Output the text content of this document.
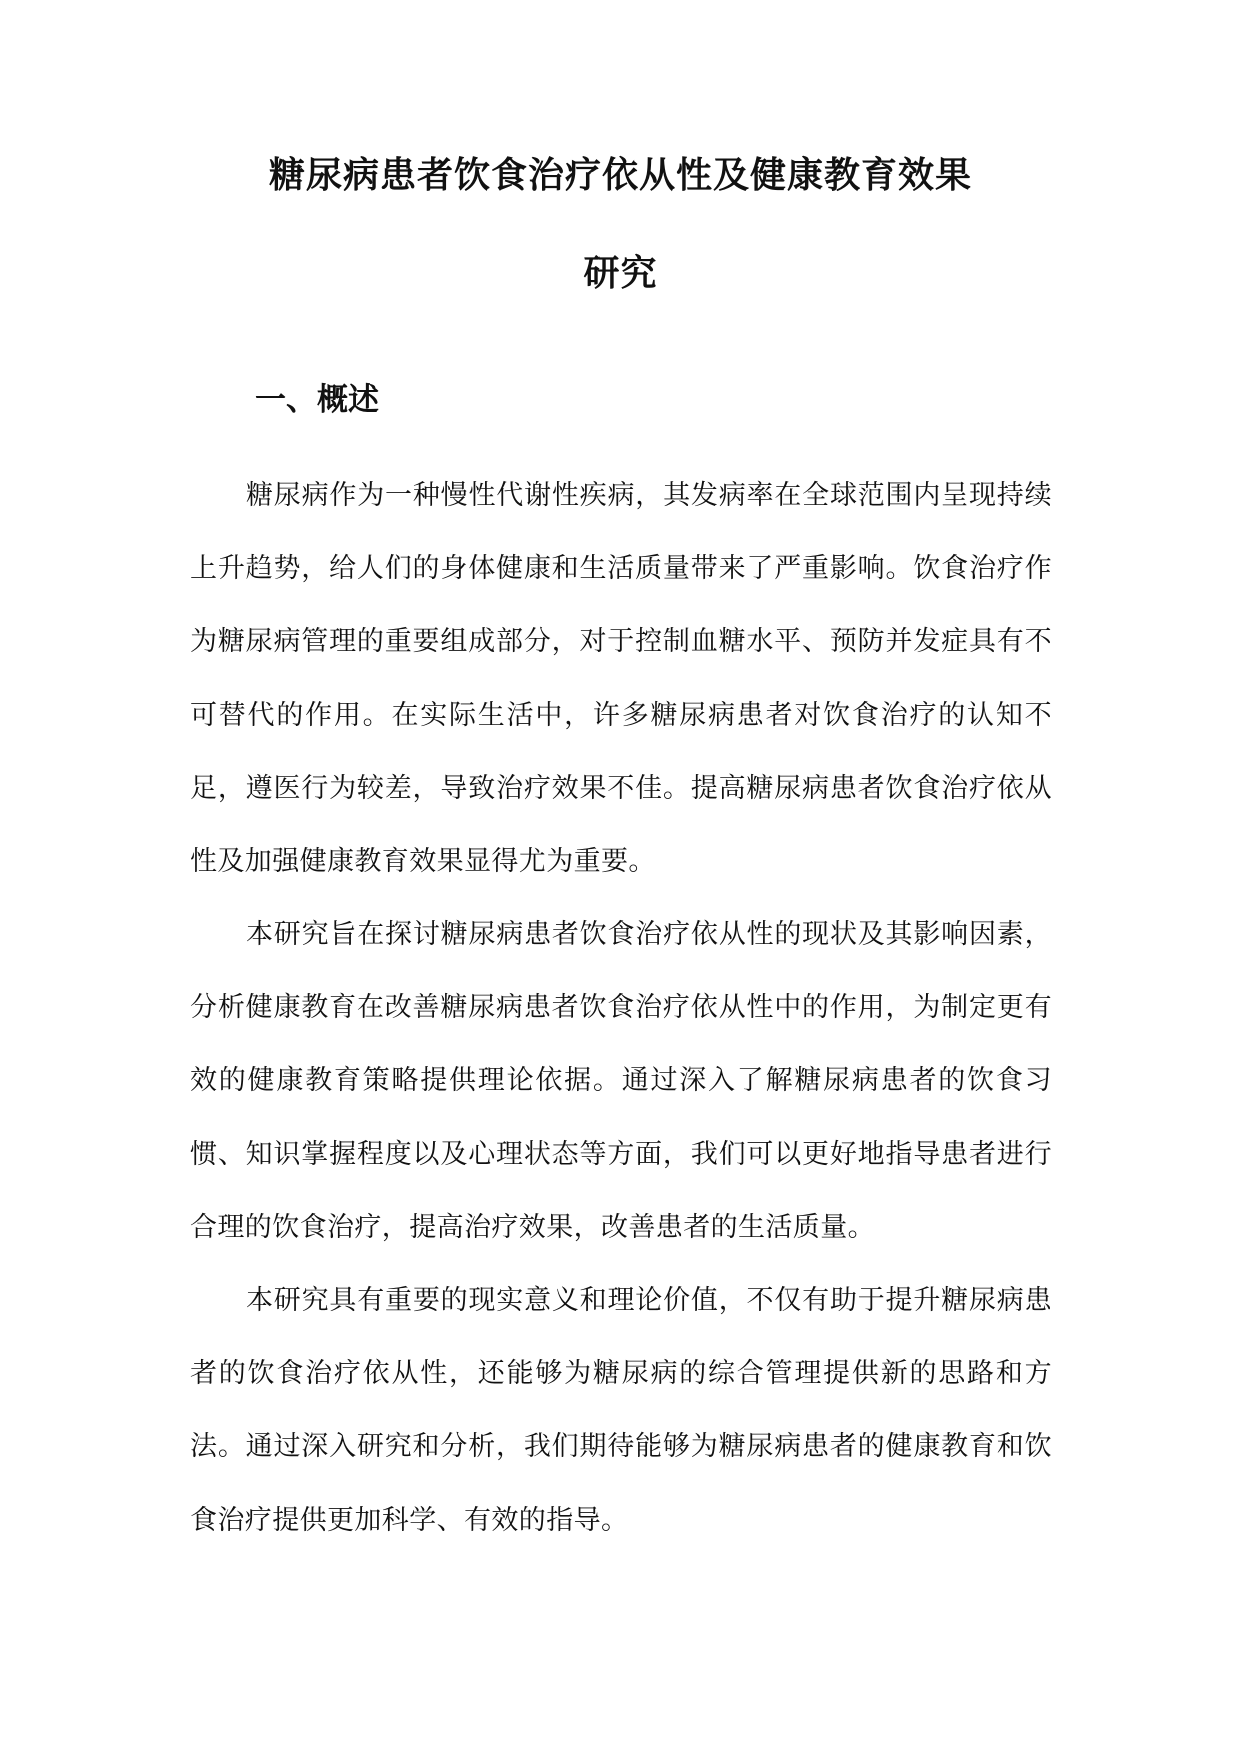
糖尿病患者饮食治疗依从性及健康教育效果
研究
一、概述

糖尿病作为一种慢性代谢性疾病，其发病率在全球范围内呈现持续上升趋势，给人们的身体健康和生活质量带来了严重影响。饮食治疗作为糖尿病管理的重要组成部分，对于控制血糖水平、预防并发症具有不可替代的作用。在实际生活中，许多糖尿病患者对饮食治疗的认知不足，遵医行为较差，导致治疗效果不佳。提高糖尿病患者饮食治疗依从性及加强健康教育效果显得尤为重要。

本研究旨在探讨糖尿病患者饮食治疗依从性的现状及其影响因素，分析健康教育在改善糖尿病患者饮食治疗依从性中的作用，为制定更有效的健康教育策略提供理论依据。通过深入了解糖尿病患者的饮食习惯、知识掌握程度以及心理状态等方面，我们可以更好地指导患者进行合理的饮食治疗，提高治疗效果，改善患者的生活质量。

本研究具有重要的现实意义和理论价值，不仅有助于提升糖尿病患者的饮食治疗依从性，还能够为糖尿病的综合管理提供新的思路和方法。通过深入研究和分析，我们期待能够为糖尿病患者的健康教育和饮食治疗提供更加科学、有效的指导。
